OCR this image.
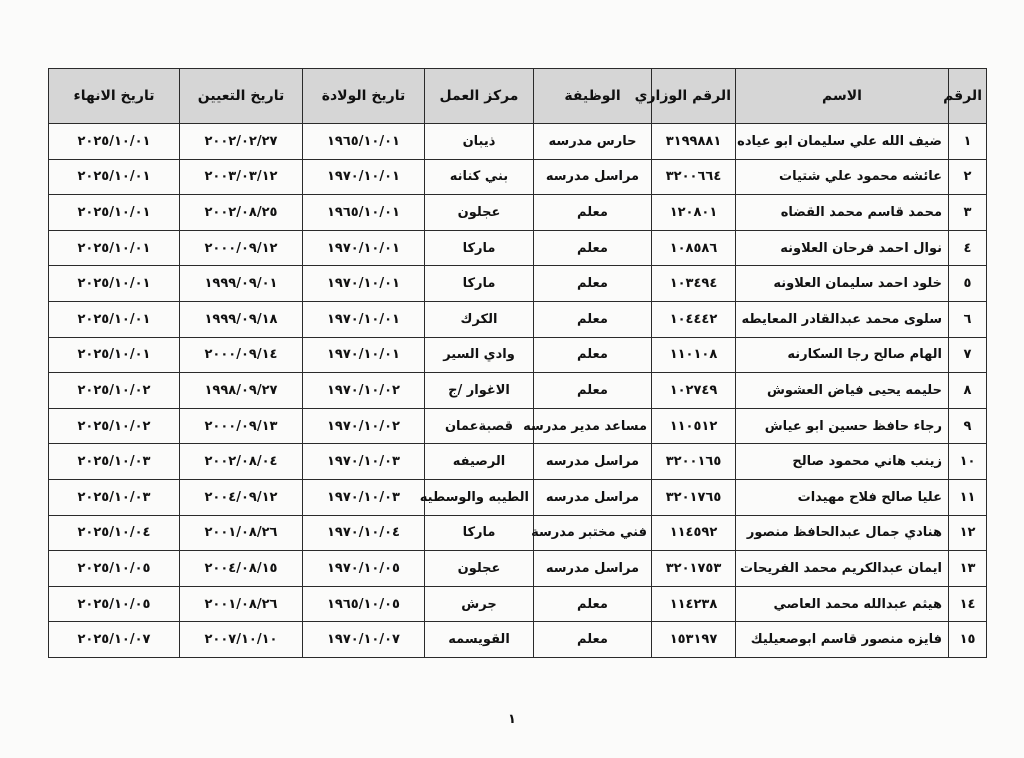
الرقم	الاسم	الرقم الوزاري	الوظيفة	مركز العمل	تاريخ الولادة	تاريخ التعيين	تاريخ الانهاء
١	ضيف الله علي سليمان ابو عياده	٣١٩٩٨٨١	حارس مدرسه	ذيبان	١٩٦٥/١٠/٠١	٢٠٠٢/٠٢/٢٧	٢٠٢٥/١٠/٠١
٢	عائشه محمود علي شتيات	٣٢٠٠٦٦٤	مراسل مدرسه	بني كنانه	١٩٧٠/١٠/٠١	٢٠٠٣/٠٣/١٢	٢٠٢٥/١٠/٠١
٣	محمد قاسم محمد القضاه	١٢٠٨٠١	معلم	عجلون	١٩٦٥/١٠/٠١	٢٠٠٢/٠٨/٢٥	٢٠٢٥/١٠/٠١
٤	نوال احمد فرحان العلاونه	١٠٨٥٨٦	معلم	ماركا	١٩٧٠/١٠/٠١	٢٠٠٠/٠٩/١٢	٢٠٢٥/١٠/٠١
٥	خلود احمد سليمان العلاونه	١٠٣٤٩٤	معلم	ماركا	١٩٧٠/١٠/٠١	١٩٩٩/٠٩/٠١	٢٠٢٥/١٠/٠١
٦	سلوى محمد عبدالقادر المعايطه	١٠٤٤٤٢	معلم	الكرك	١٩٧٠/١٠/٠١	١٩٩٩/٠٩/١٨	٢٠٢٥/١٠/٠١
٧	الهام صالح رجا السكارنه	١١٠١٠٨	معلم	وادي السير	١٩٧٠/١٠/٠١	٢٠٠٠/٠٩/١٤	٢٠٢٥/١٠/٠١
٨	حليمه يحيى فياض العشوش	١٠٢٧٤٩	معلم	الاغوار /ج	١٩٧٠/١٠/٠٢	١٩٩٨/٠٩/٢٧	٢٠٢٥/١٠/٠٢
٩	رجاء حافظ حسين ابو عياش	١١٠٥١٢	مساعد مدير مدرسه	قصبةعمان	١٩٧٠/١٠/٠٢	٢٠٠٠/٠٩/١٣	٢٠٢٥/١٠/٠٢
١٠	زينب هاني محمود صالح	٣٢٠٠١٦٥	مراسل مدرسه	الرصيفه	١٩٧٠/١٠/٠٣	٢٠٠٢/٠٨/٠٤	٢٠٢٥/١٠/٠٣
١١	عليا صالح فلاح مهيدات	٣٢٠١٧٦٥	مراسل مدرسه	الطيبه والوسطيه	١٩٧٠/١٠/٠٣	٢٠٠٤/٠٩/١٢	٢٠٢٥/١٠/٠٣
١٢	هنادي جمال عبدالحافظ منصور	١١٤٥٩٢	فني مختبر مدرسة	ماركا	١٩٧٠/١٠/٠٤	٢٠٠١/٠٨/٢٦	٢٠٢٥/١٠/٠٤
١٣	ايمان عبدالكريم محمد الفريحات	٣٢٠١٧٥٣	مراسل مدرسه	عجلون	١٩٧٠/١٠/٠٥	٢٠٠٤/٠٨/١٥	٢٠٢٥/١٠/٠٥
١٤	هيثم عبدالله محمد العاصي	١١٤٢٣٨	معلم	جرش	١٩٦٥/١٠/٠٥	٢٠٠١/٠٨/٢٦	٢٠٢٥/١٠/٠٥
١٥	فايزه منصور قاسم ابوصعيليك	١٥٣١٩٧	معلم	القويسمه	١٩٧٠/١٠/٠٧	٢٠٠٧/١٠/١٠	٢٠٢٥/١٠/٠٧
١
